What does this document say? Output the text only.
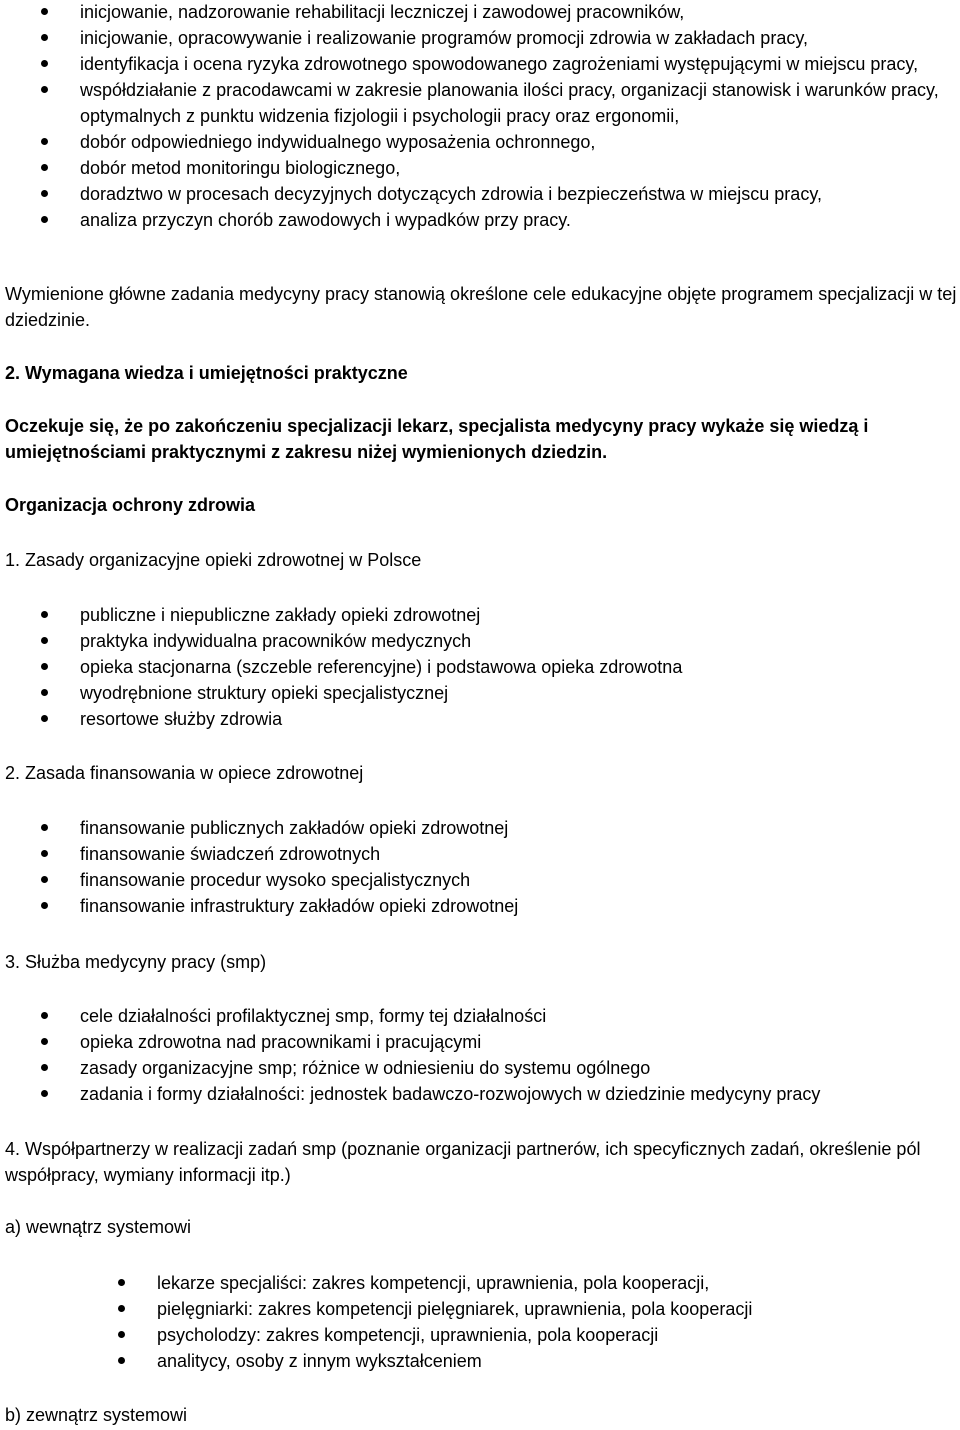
inicjowanie, nadzorowanie rehabilitacji leczniczej i zawodowej pracowników,
inicjowanie, opracowywanie i realizowanie programów promocji zdrowia w zakładach pracy,
identyfikacja i ocena ryzyka zdrowotnego spowodowanego zagrożeniami występującymi w miejscu pracy,
współdziałanie z pracodawcami w zakresie planowania ilości pracy, organizacji stanowisk i warunków pracy, optymalnych z punktu widzenia fizjologii i psychologii pracy oraz ergonomii,
dobór odpowiedniego indywidualnego wyposażenia ochronnego,
dobór metod monitoringu biologicznego,
doradztwo w procesach decyzyjnych dotyczących zdrowia i bezpieczeństwa w miejscu pracy,
analiza przyczyn chorób zawodowych i wypadków przy pracy.

Wymienione główne zadania medycyny pracy stanowią określone cele edukacyjne objęte programem specjalizacji w tej dziedzinie.

2. Wymagana wiedza i umiejętności praktyczne

Oczekuje się, że po zakończeniu specjalizacji lekarz, specjalista medycyny pracy wykaże się wiedzą i umiejętnościami praktycznymi z zakresu niżej wymienionych dziedzin.

Organizacja ochrony zdrowia

1. Zasady organizacyjne opieki zdrowotnej w Polsce

publiczne i niepubliczne zakłady opieki zdrowotnej
praktyka indywidualna pracowników medycznych
opieka stacjonarna (szczeble referencyjne) i podstawowa opieka zdrowotna
wyodrębnione struktury opieki specjalistycznej
resortowe służby zdrowia

2. Zasada finansowania w opiece zdrowotnej

finansowanie publicznych zakładów opieki zdrowotnej
finansowanie świadczeń zdrowotnych
finansowanie procedur wysoko specjalistycznych
finansowanie infrastruktury zakładów opieki zdrowotnej

3. Służba medycyny pracy (smp)

cele działalności profilaktycznej smp, formy tej działalności
opieka zdrowotna nad pracownikami i pracującymi
zasady organizacyjne smp; różnice w odniesieniu do systemu ogólnego
zadania i formy działalności: jednostek badawczo-rozwojowych w dziedzinie medycyny pracy

4. Współpartnerzy w realizacji zadań smp (poznanie organizacji partnerów, ich specyficznych zadań, określenie pól współpracy, wymiany informacji itp.)

a) wewnątrz systemowi

lekarze specjaliści: zakres kompetencji, uprawnienia, pola kooperacji,
pielęgniarki: zakres kompetencji pielęgniarek, uprawnienia, pola kooperacji
psycholodzy: zakres kompetencji, uprawnienia, pola kooperacji
analitycy, osoby z innym wykształceniem

b) zewnątrz systemowi
